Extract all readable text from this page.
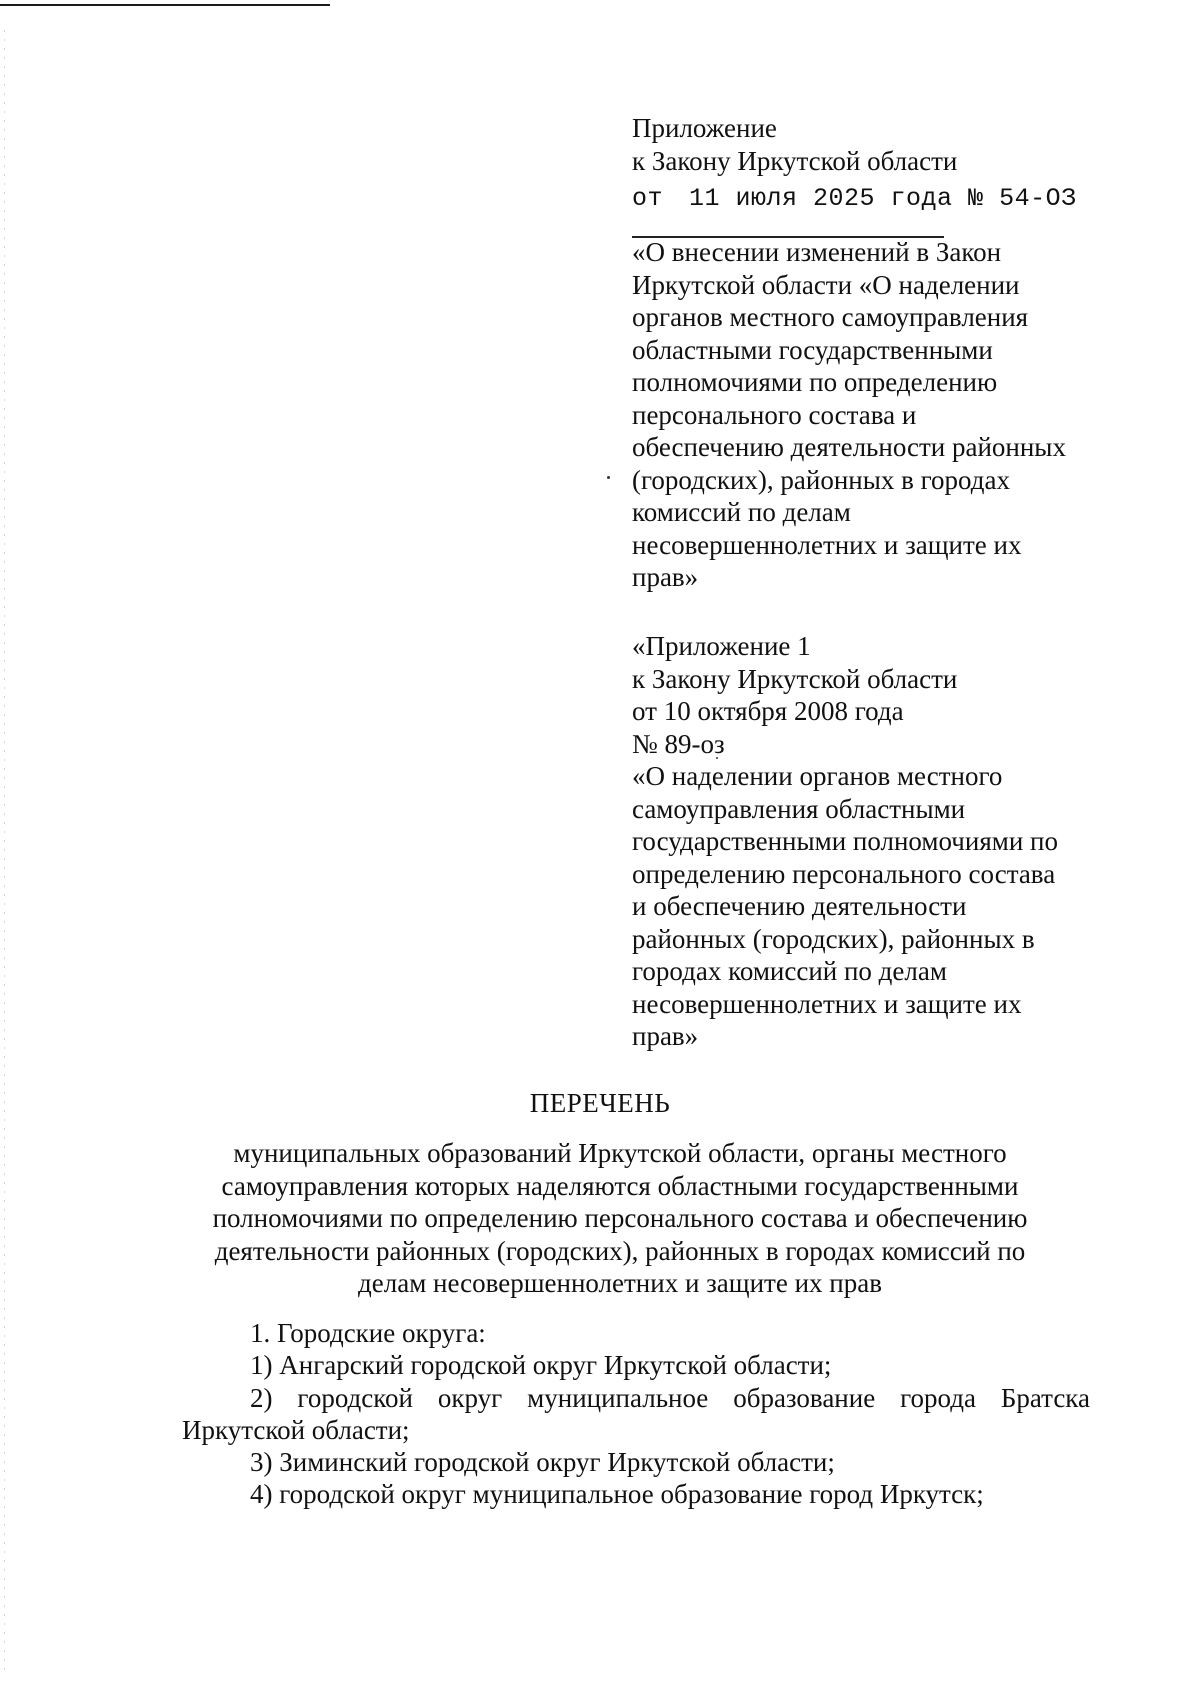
Приложение
к Закону Иркутской области
от 11 июля 2025 года № 54-ОЗ
«О внесении изменений в Закон
Иркутской области «О наделении
органов местного самоуправления
областными государственными
полномочиями по определению
персонального состава и
обеспечению деятельности районных
(городских), районных в городах
комиссий по делам
несовершеннолетних и защите их
прав»
«Приложение 1
к Закону Иркутской области
от 10 октября 2008 года
№ 89-оз
«О наделении органов местного
самоуправления областными
государственными полномочиями по
определению персонального состава
и обеспечению деятельности
районных (городских), районных в
городах комиссий по делам
несовершеннолетних и защите их
прав»
ПЕРЕЧЕНЬ
муниципальных образований Иркутской области, органы местного
самоуправления которых наделяются областными государственными
полномочиями по определению персонального состава и обеспечению
деятельности районных (городских), районных в городах комиссий по
делам несовершеннолетних и защите их прав
1. Городские округа:
1) Ангарский городской округ Иркутской области;
2) городской округ муниципальное образование города Братска
Иркутской области;
3) Зиминский городской округ Иркутской области;
4) городской округ муниципальное образование город Иркутск;
